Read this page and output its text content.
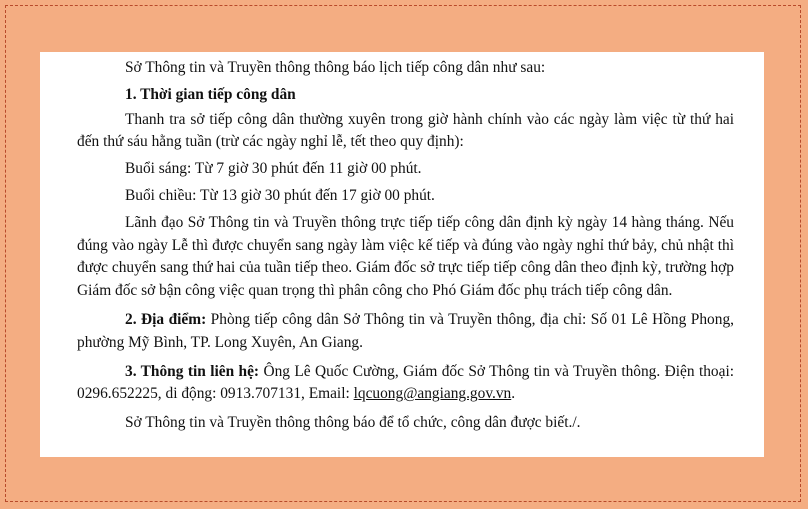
Sở Thông tin và Truyền thông thông báo lịch tiếp công dân như sau:

1. Thời gian tiếp công dân

Thanh tra sở tiếp công dân thường xuyên trong giờ hành chính vào các ngày làm việc từ thứ hai đến thứ sáu hằng tuần (trừ các ngày nghỉ lễ, tết theo quy định):

Buổi sáng: Từ 7 giờ 30 phút đến 11 giờ 00 phút.

Buổi chiều: Từ 13 giờ 30 phút đến 17 giờ 00 phút.

Lãnh đạo Sở Thông tin và Truyền thông trực tiếp tiếp công dân định kỳ ngày 14 hàng tháng. Nếu đúng vào ngày Lễ thì được chuyển sang ngày làm việc kế tiếp và đúng vào ngày nghỉ thứ bảy, chủ nhật thì được chuyển sang thứ hai của tuần tiếp theo. Giám đốc sở trực tiếp tiếp công dân theo định kỳ, trường hợp Giám đốc sở bận công việc quan trọng thì phân công cho Phó Giám đốc phụ trách tiếp công dân.

2. Địa điểm: Phòng tiếp công dân Sở Thông tin và Truyền thông, địa chỉ: Số 01 Lê Hồng Phong, phường Mỹ Bình, TP. Long Xuyên, An Giang.

3. Thông tin liên hệ: Ông Lê Quốc Cường, Giám đốc Sở Thông tin và Truyền thông. Điện thoại: 0296.652225, di động: 0913.707131, Email: lqcuong@angiang.gov.vn.

Sở Thông tin và Truyền thông thông báo để tổ chức, công dân được biết./.
